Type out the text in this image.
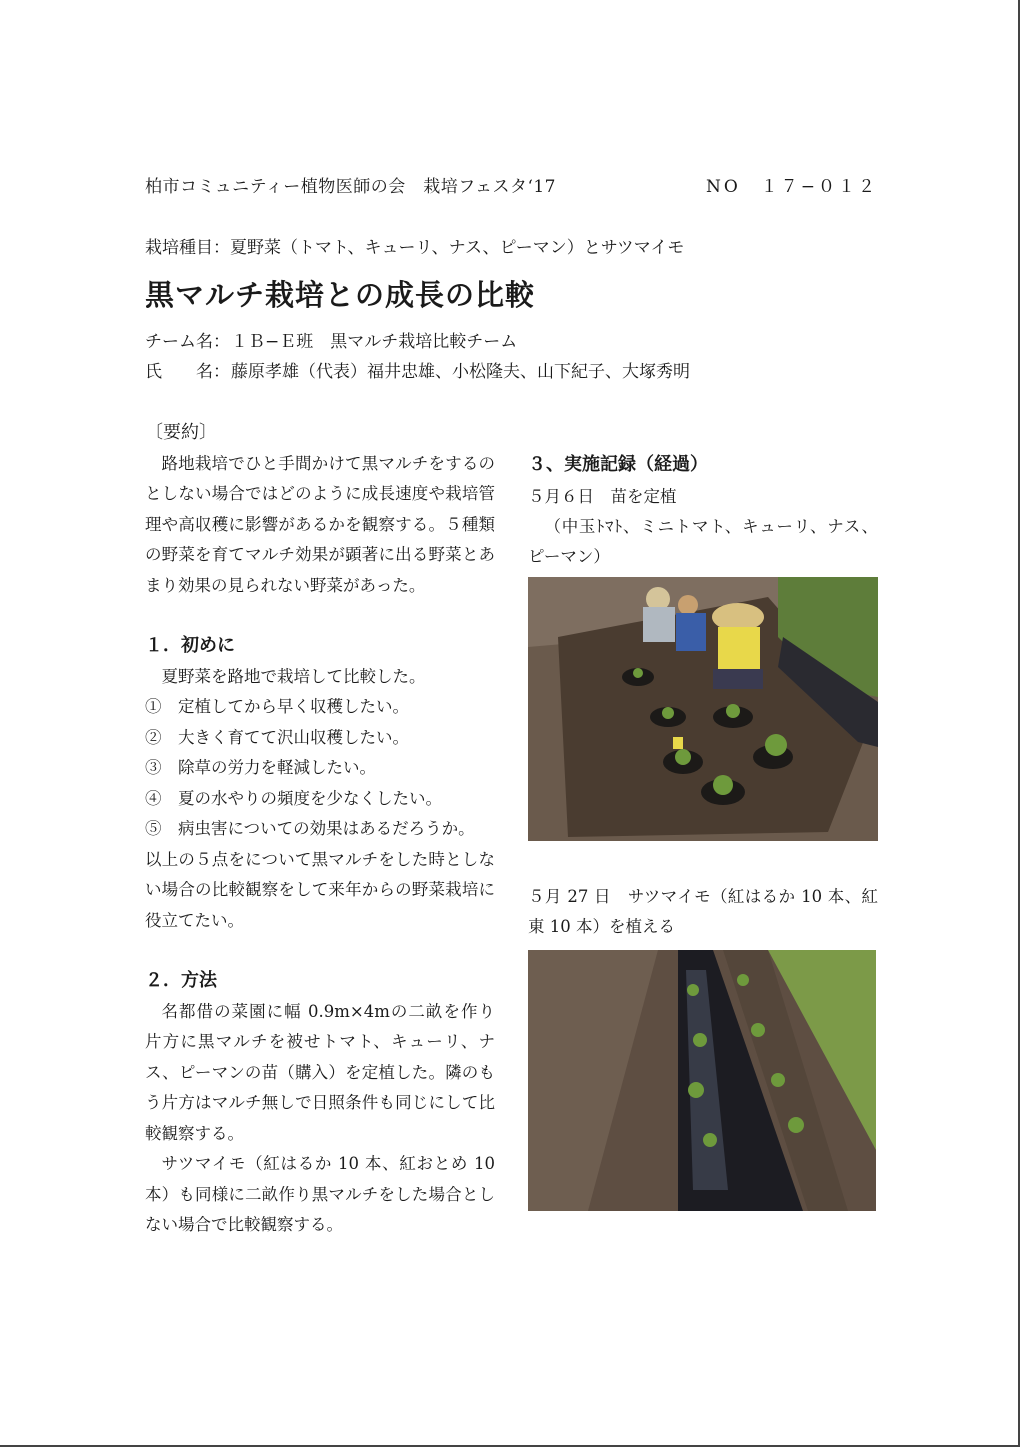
柏市コミュニティー植物医師の会　栽培フェスタ‘17	NO　１７−０１２
栽培種目：夏野菜（トマト、キューリ、ナス、ピーマン）とサツマイモ
黒マルチ栽培との成長の比較
チーム名：１Ｂ−Ｅ班　黒マルチ栽培比較チーム
氏　　名：藤原孝雄（代表）福井忠雄、小松隆夫、山下紀子、大塚秀明

〔要約〕

路地栽培でひと手間かけて黒マルチをするのとしない場合ではどのように成長速度や栽培管理や高収穫に影響があるかを観察する。５種類の野菜を育てマルチ効果が顕著に出る野菜とあまり効果の見られない野菜があった。

１．初めに

夏野菜を路地で栽培して比較した。

①　定植してから早く収穫したい。

②　大きく育てて沢山収穫したい。

③　除草の労力を軽減したい。

④　夏の水やりの頻度を少なくしたい。

⑤　病虫害についての効果はあるだろうか。

以上の５点をについて黒マルチをした時としない場合の比較観察をして来年からの野菜栽培に役立てたい。

２．方法

名都借の菜園に幅 0.9m×4mの二畝を作り片方に黒マルチを被せトマト、キューリ、ナス、ピーマンの苗（購入）を定植した。隣のもう片方はマルチ無しで日照条件も同じにして比較観察する。

サツマイモ（紅はるか 10 本、紅おとめ 10 本）も同様に二畝作り黒マルチをした場合としない場合で比較観察する。

３、実施記録（経過）

５月６日　苗を定植

（中玉ﾄﾏﾄ、ミニトマト、キューリ、ナス、ピーマン）

５月 27 日　サツマイモ（紅はるか 10 本、紅東 10 本）を植える
